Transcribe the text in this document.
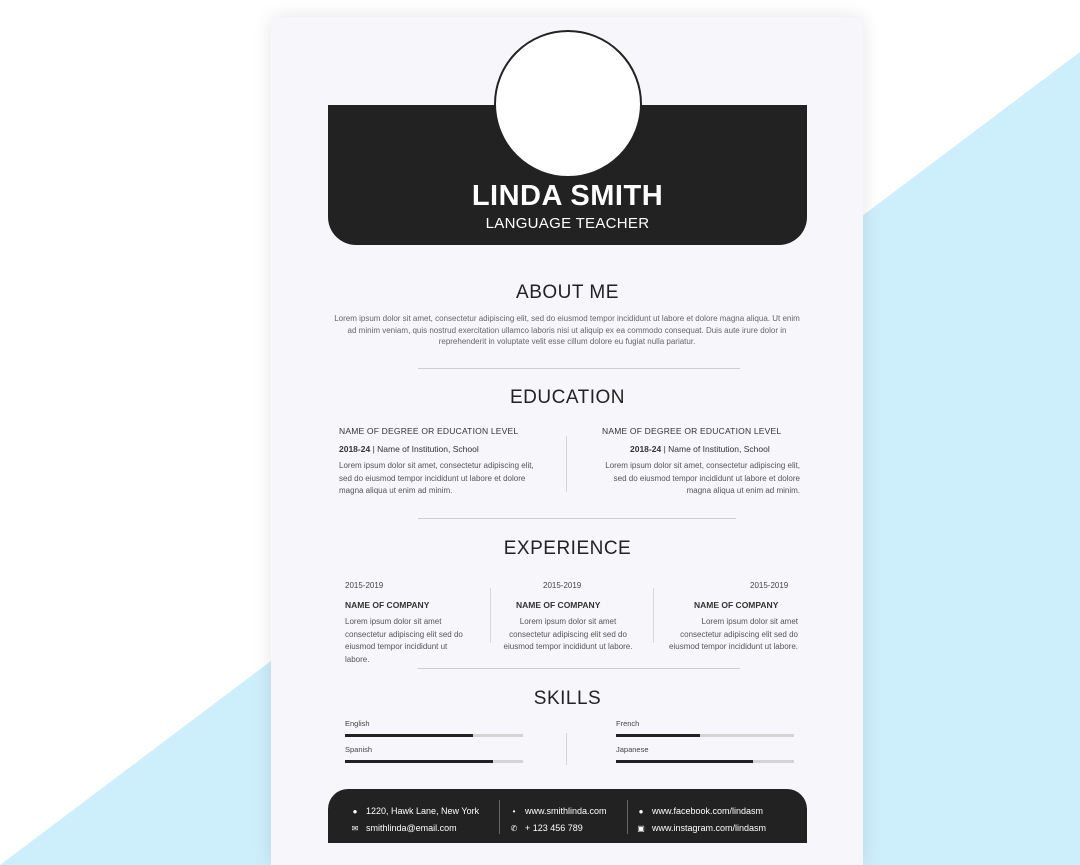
LINDA SMITH
LANGUAGE TEACHER
ABOUT ME
Lorem ipsum dolor sit amet, consectetur adipiscing elit, sed do eiusmod tempor incididunt ut labore et dolore magna aliqua. Ut enim ad minim veniam, quis nostrud exercitation ullamco laboris nisi ut aliquip ex ea commodo consequat. Duis aute irure dolor in reprehenderit in voluptate velit esse cillum dolore eu fugiat nulla pariatur.
EDUCATION
NAME OF DEGREE OR EDUCATION LEVEL
2018-24 | Name of Institution, School
Lorem ipsum dolor sit amet, consectetur adipiscing elit, sed do eiusmod tempor incididunt ut labore et dolore magna aliqua ut enim ad minim.
NAME OF DEGREE OR EDUCATION LEVEL
2018-24 | Name of Institution, School
Lorem ipsum dolor sit amet, consectetur adipiscing elit, sed do eiusmod tempor incididunt ut labore et dolore magna aliqua ut enim ad minim.
EXPERIENCE
2015-2019
NAME OF COMPANY
Lorem ipsum dolor sit amet consectetur adipiscing elit sed do eiusmod tempor incididunt ut labore.
2015-2019
NAME OF COMPANY
Lorem ipsum dolor sit amet consectetur adipiscing elit sed do eiusmod tempor incididunt ut labore.
2015-2019
NAME OF COMPANY
Lorem ipsum dolor sit amet consectetur adipiscing elit sed do eiusmod tempor incididunt ut labore.
SKILLS
English
Spanish
French
Japanese
● 1220, Hawk Lane, New York
✉ smithlinda@email.com
•	www.smithlinda.com
✆ + 123 456 789
● www.facebook.com/lindasm
▣ www.instagram.com/lindasm
